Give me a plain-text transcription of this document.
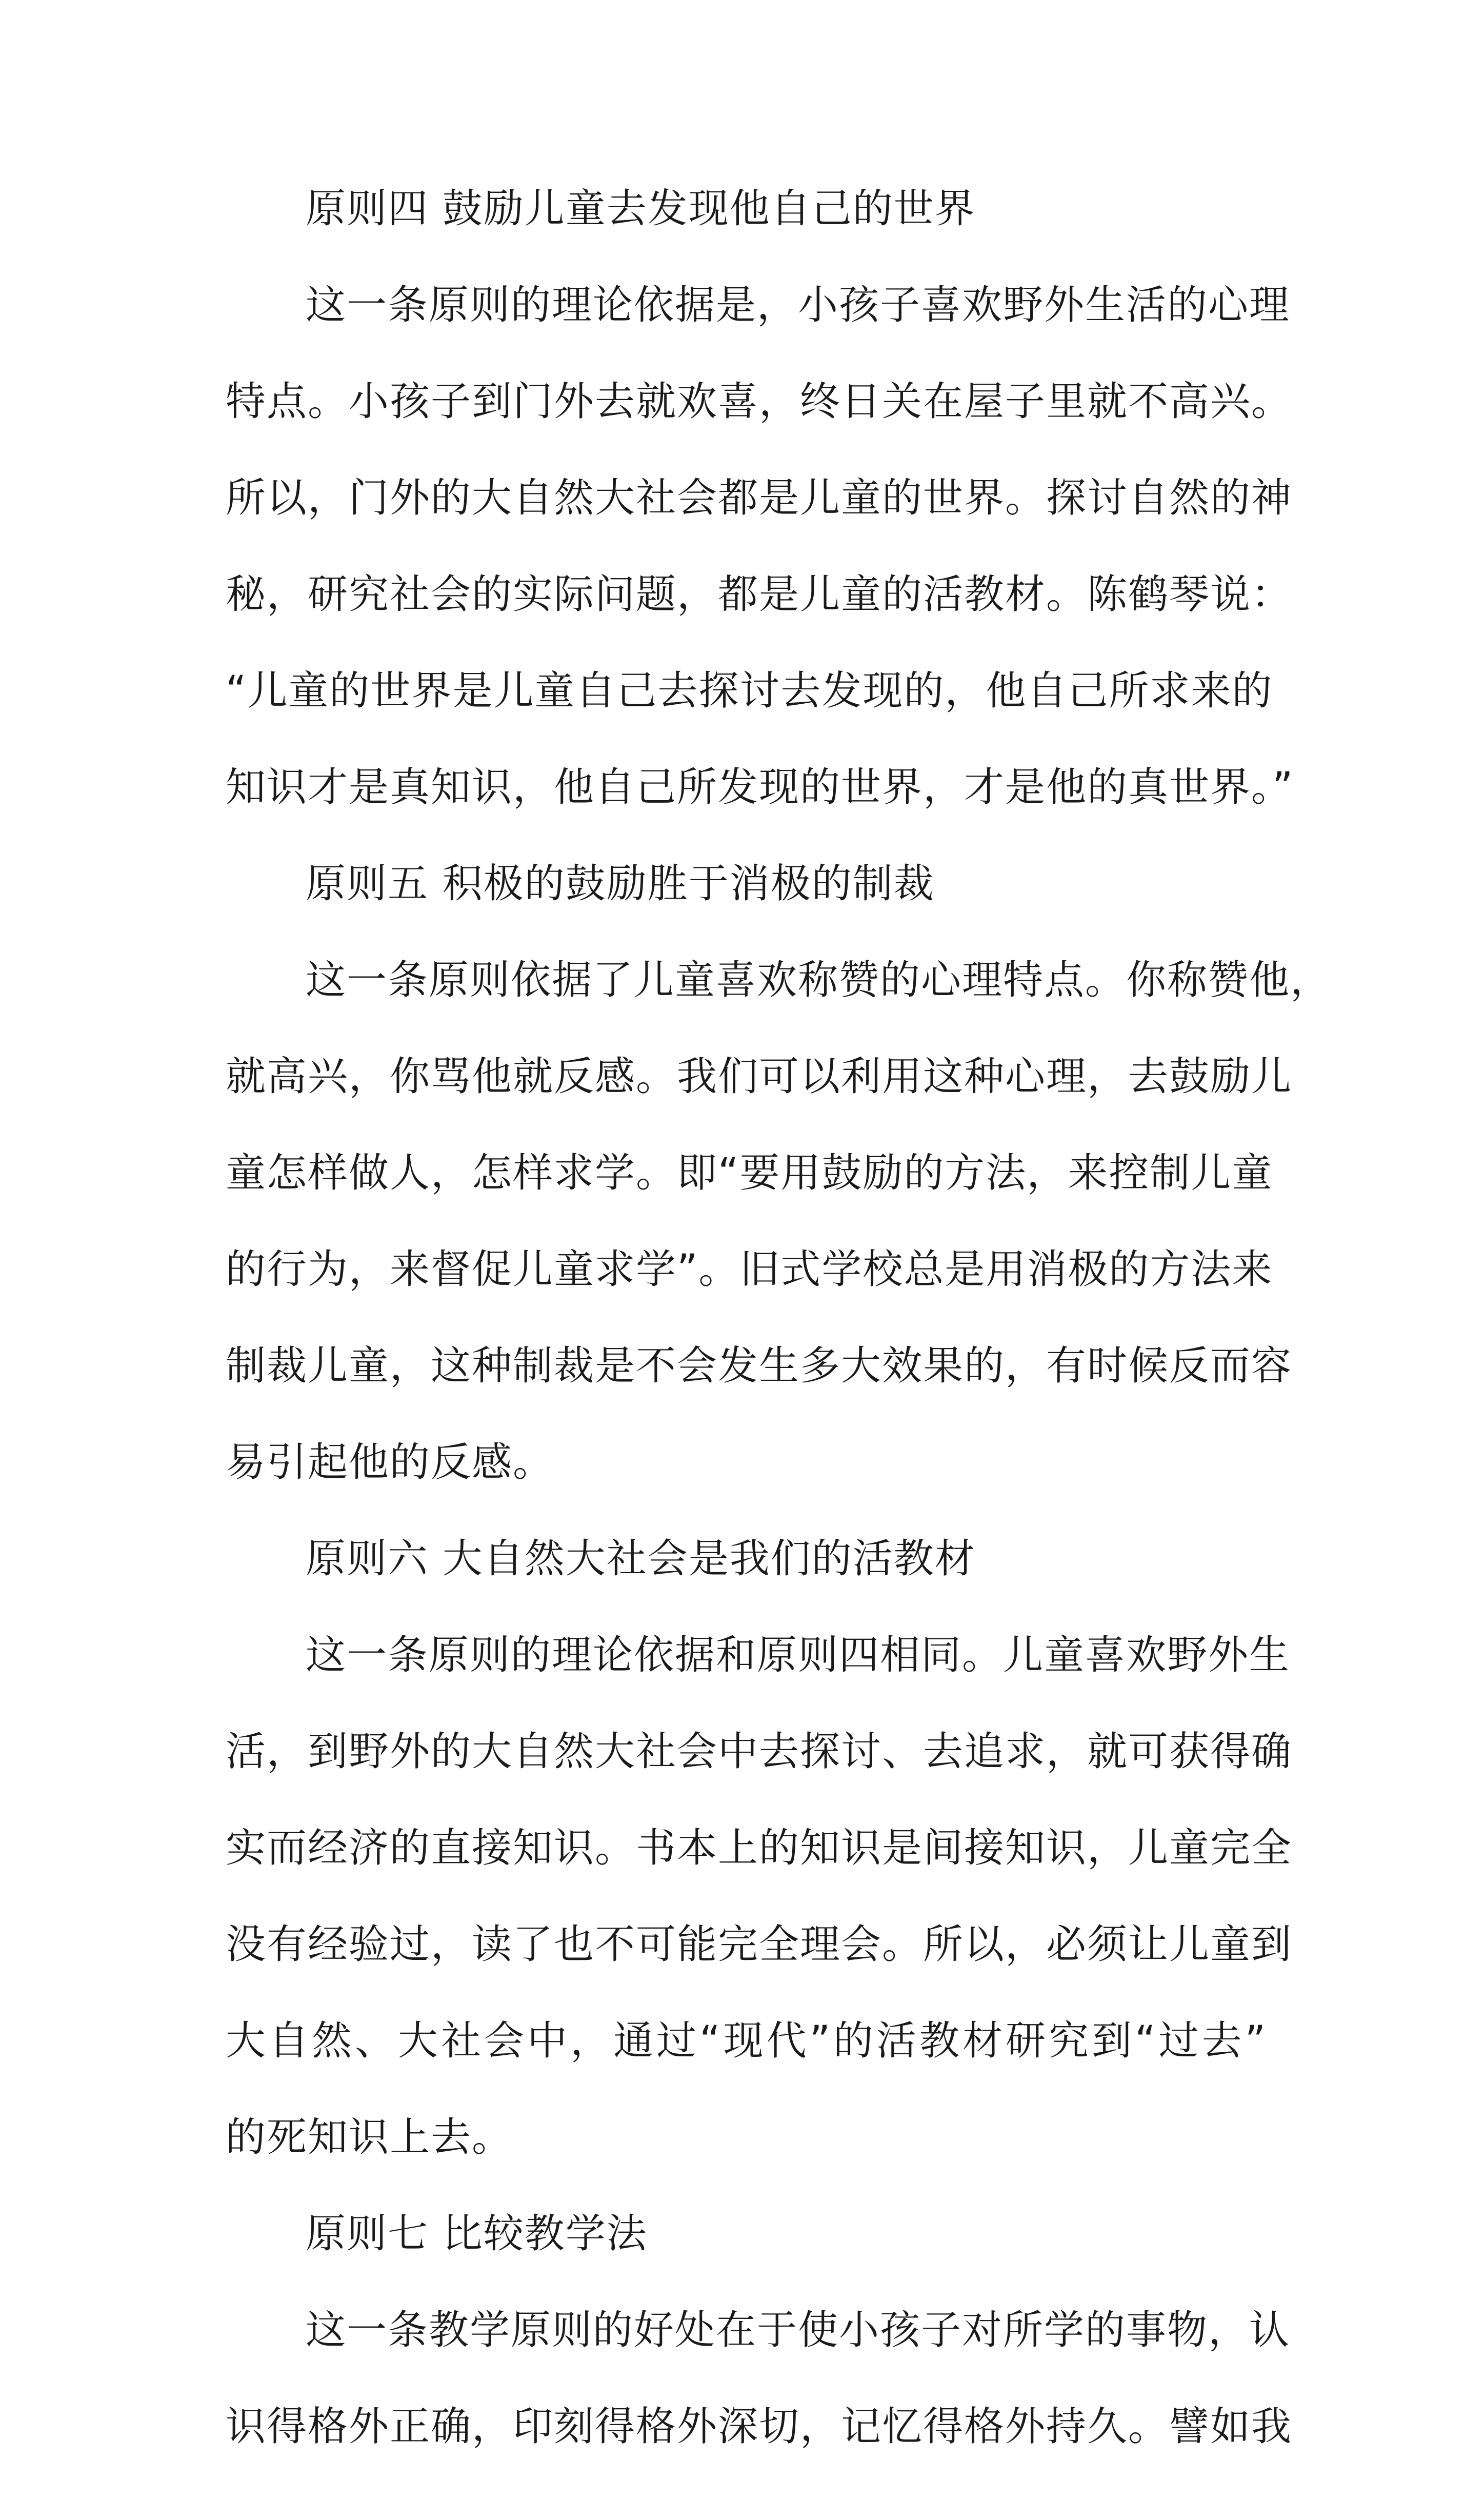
原则四 鼓励儿童去发现他自己的世界
这一条原则的理论依据是，小孩子喜欢野外生活的心理
特点。小孩子到门外去就欢喜，终日关在屋子里就不高兴。
所以，门外的大自然大社会都是儿童的世界。探讨自然的神
秘，研究社会的实际问题，都是儿童的活教材。陈鹤琴说：
“儿童的世界是儿童自己去探讨去发现的，他自己所求来的
知识才是真知识，他自己所发现的世界，才是他的真世界。”
原则五 积极的鼓励胜于消极的制裁
这一条原则依据了儿童喜欢称赞的心理特点。你称赞他，
就高兴，你骂他就反感。我们可以利用这种心理，去鼓励儿
童怎样做人，怎样求学。即“要用鼓励的方法，来控制儿童
的行为，来督促儿童求学”。旧式学校总是用消极的方法来
制裁儿童，这种制裁是不会发生多大效果的，有时候反而容
易引起他的反感。
原则六 大自然大社会是我们的活教材
这一条原则的理论依据和原则四相同。儿童喜欢野外生
活，到野外的大自然大社会中去探讨、去追求，就可获得确
实而经济的直接知识。书本上的知识是间接知识，儿童完全
没有经验过，读了也不可能完全理会。所以，必须让儿童到
大自然、大社会中，通过“现代”的活教材研究到“过去”
的死知识上去。
原则七 比较教学法
这一条教学原则的好处在于使小孩子对所学的事物，认
识得格外正确，印刻得格外深切，记忆得格外持久。譬如我
